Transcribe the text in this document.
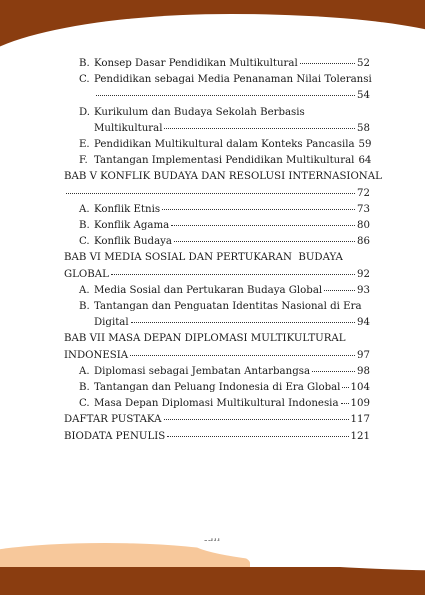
B. Konsep Dasar Pendidikan Multikultural	52
C. Pendidikan sebagai Media Penanaman Nilai Toleransi
54
D. Kurikulum dan Budaya Sekolah Berbasis
Multikultural	58
E. Pendidikan Multikultural dalam Konteks Pancasila 59
F. Tantangan Implementasi Pendidikan Multikultural 64
BAB V KONFLIK BUDAYA DAN RESOLUSI INTERNASIONAL
72
A. Konflik Etnis	73
B. Konflik Agama	80
C. Konflik Budaya	86
BAB VI MEDIA SOSIAL DAN PERTUKARAN  BUDAYA
GLOBAL	92
A. Media Sosial dan Pertukaran Budaya Global	93
B. Tantangan dan Penguatan Identitas Nasional di Era
Digital	94
BAB VII MASA DEPAN DIPLOMASI MULTIKULTURAL
INDONESIA	97
A. Diplomasi sebagai Jembatan Antarbangsa	98
B. Tantangan dan Peluang Indonesia di Era Global 104
C. Masa Depan Diplomasi Multikultural Indonesia 109
DAFTAR PUSTAKA	117
BIODATA PENULIS	121
